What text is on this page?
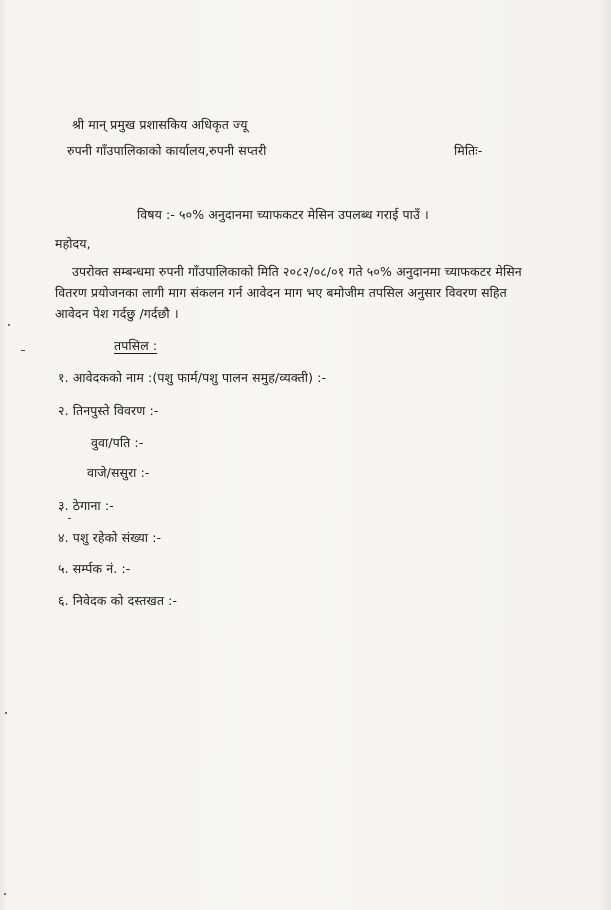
श्री मान् प्रमुख प्रशासकिय अधिकृत ज्यू
रुपनी गाँउपालिकाको कार्यालय,रुपनी सप्तरी	मितिः-
विषय :- ५०% अनुदानमा च्याफकटर मेसिन उपलब्ध गराई पाउँ ।
महोदय,
उपरोक्त सम्बन्धमा रुपनी गाँउपालिकाको मिति २०८२/०८/०१ गते ५०% अनुदानमा च्याफकटर मेसिन
वितरण प्रयोजनका लागी माग संकलन गर्न आवेदन माग भए बमोजीम तपसिल अनुसार विवरण सहित
आवेदन पेश गर्दछु /गर्दछौ ।
तपसिल :
१. आवेदकको नाम :(पशु फार्म/पशु पालन समुह/व्यक्ती) :-
२. तिनपुस्ते विवरण :-
वुवा/पति :-
वाजे/ससुरा :-
३. ठेगाना :-
४. पशु रहेको संख्या :-
५. सर्म्पक नं. :-
६. निवेदक को दस्तखत :-
